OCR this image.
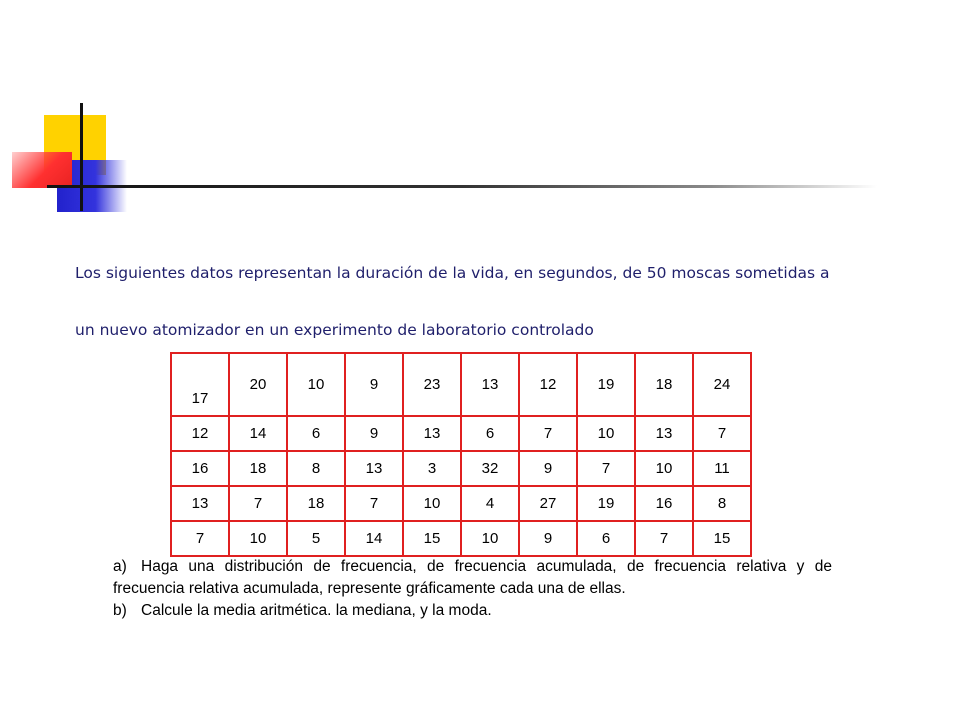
Los siguientes datos representan la duración de la vida, en segundos, de 50 moscas sometidas a
un nuevo atomizador en un experimento de laboratorio controlado
17	20	10	9	23	13	12	19	18	24
12	14	6	9	13	6	7	10	13	7
16	18	8	13	3	32	9	7	10	11
13	7	18	7	10	4	27	19	16	8
7	10	5	14	15	10	9	6	7	15

a) Haga una distribución de frecuencia, de frecuencia acumulada, de frecuencia relativa y de frecuencia relativa acumulada, represente gráficamente cada una de ellas.

b) Calcule la media aritmética. la mediana, y la moda.
